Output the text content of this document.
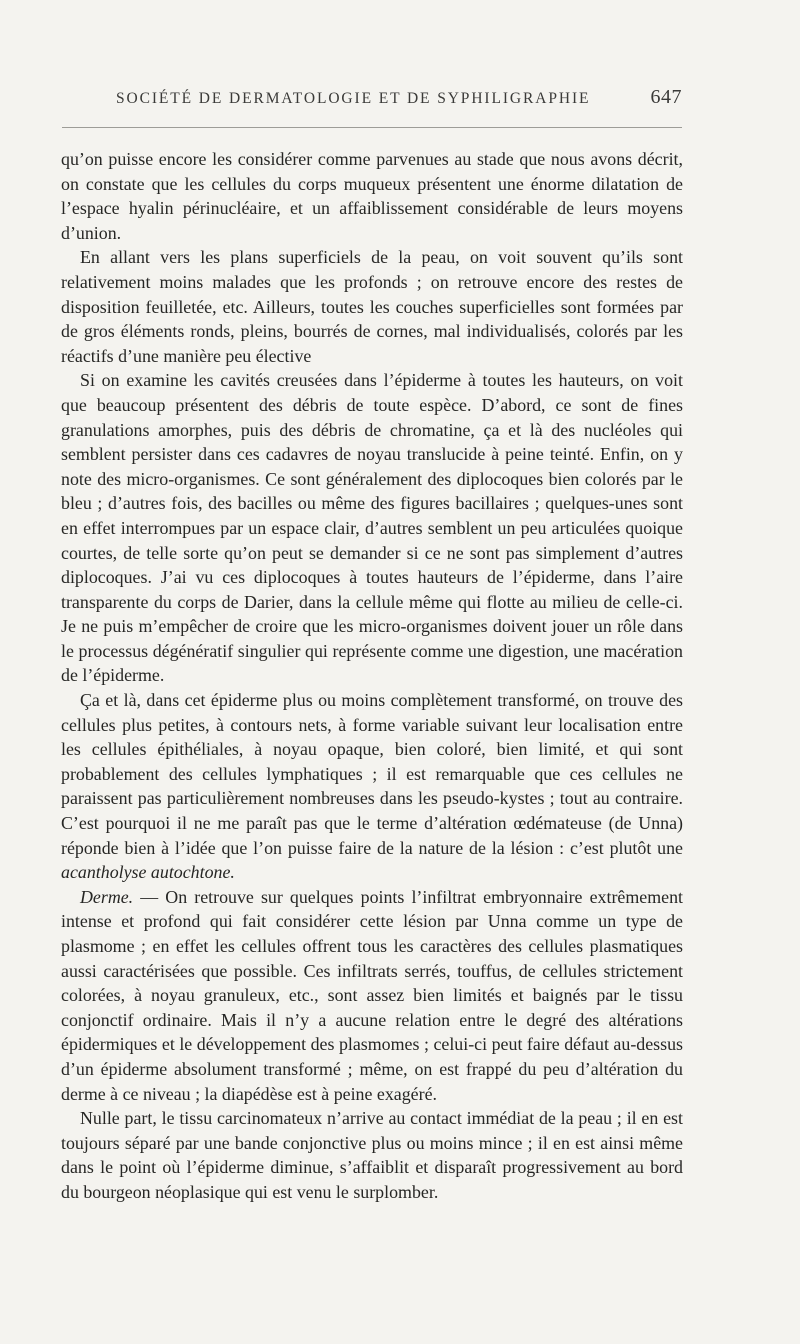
SOCIÉTÉ DE DERMATOLOGIE ET DE SYPHILIGRAPHIE	647

qu’on puisse encore les considérer comme parvenues au stade que nous avons décrit, on constate que les cellules du corps muqueux présentent une énorme dilatation de l’espace hyalin périnucléaire, et un affaiblissement considérable de leurs moyens d’union.

En allant vers les plans superficiels de la peau, on voit souvent qu’ils sont relativement moins malades que les profonds ; on retrouve encore des restes de disposition feuilletée, etc. Ailleurs, toutes les couches superficielles sont formées par de gros éléments ronds, pleins, bourrés de cornes, mal individualisés, colorés par les réactifs d’une manière peu élective

Si on examine les cavités creusées dans l’épiderme à toutes les hauteurs, on voit que beaucoup présentent des débris de toute espèce. D’abord, ce sont de fines granulations amorphes, puis des débris de chromatine, ça et là des nucléoles qui semblent persister dans ces cadavres de noyau translucide à peine teinté. Enfin, on y note des micro-organismes. Ce sont généralement des diplocoques bien colorés par le bleu ; d’autres fois, des bacilles ou même des figures bacillaires ; quelques-unes sont en effet interrompues par un espace clair, d’autres semblent un peu articulées quoique courtes, de telle sorte qu’on peut se demander si ce ne sont pas simplement d’autres diplocoques. J’ai vu ces diplocoques à toutes hauteurs de l’épiderme, dans l’aire transparente du corps de Darier, dans la cellule même qui flotte au milieu de celle-ci. Je ne puis m’empêcher de croire que les micro-organismes doivent jouer un rôle dans le processus dégénératif singulier qui représente comme une digestion, une macération de l’épiderme.

Ça et là, dans cet épiderme plus ou moins complètement transformé, on trouve des cellules plus petites, à contours nets, à forme variable suivant leur localisation entre les cellules épithéliales, à noyau opaque, bien coloré, bien limité, et qui sont probablement des cellules lymphatiques ; il est remarquable que ces cellules ne paraissent pas particulièrement nombreuses dans les pseudo-kystes ; tout au contraire. C’est pourquoi il ne me paraît pas que le terme d’altération œdémateuse (de Unna) réponde bien à l’idée que l’on puisse faire de la nature de la lésion : c’est plutôt une acantholyse autochtone.

Derme. — On retrouve sur quelques points l’infiltrat embryonnaire extrêmement intense et profond qui fait considérer cette lésion par Unna comme un type de plasmome ; en effet les cellules offrent tous les caractères des cellules plasmatiques aussi caractérisées que possible. Ces infiltrats serrés, touffus, de cellules strictement colorées, à noyau granuleux, etc., sont assez bien limités et baignés par le tissu conjonctif ordinaire. Mais il n’y a aucune relation entre le degré des altérations épidermiques et le développement des plasmomes ; celui-ci peut faire défaut au-dessus d’un épiderme absolument transformé ; même, on est frappé du peu d’altération du derme à ce niveau ; la diapédèse est à peine exagéré.

Nulle part, le tissu carcinomateux n’arrive au contact immédiat de la peau ; il en est toujours séparé par une bande conjonctive plus ou moins mince ; il en est ainsi même dans le point où l’épiderme diminue, s’affaiblit et disparaît progressivement au bord du bourgeon néoplasique qui est venu le surplomber.
